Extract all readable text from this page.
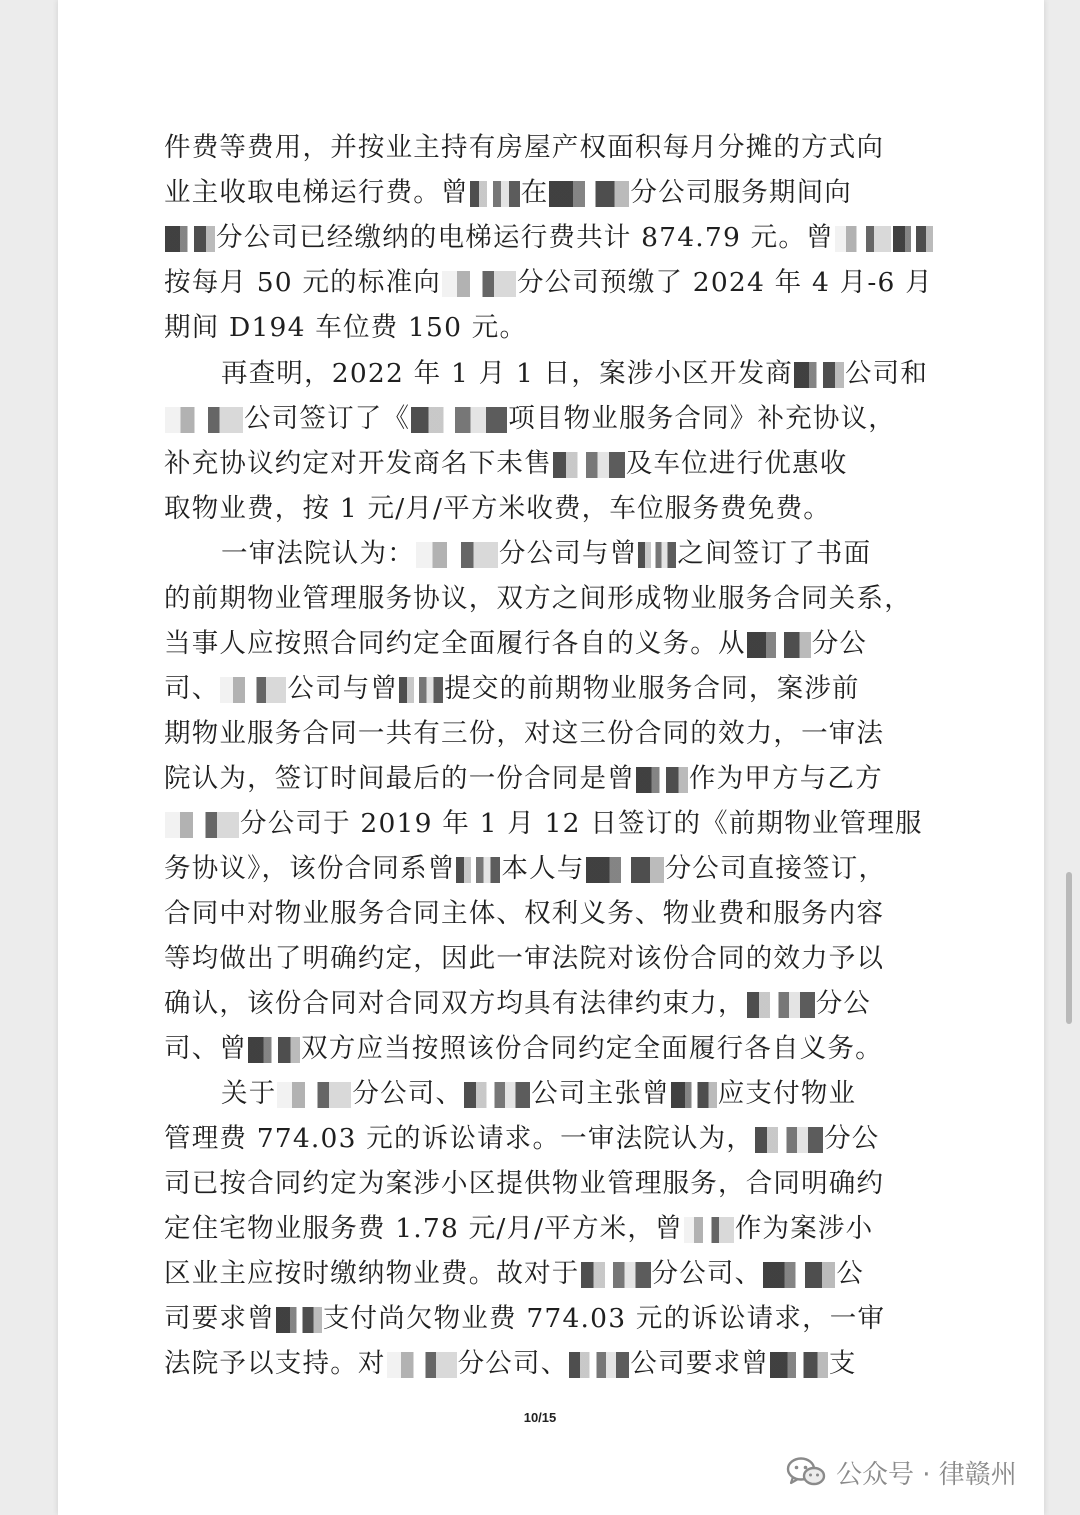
件费等费用，并按业主持有房屋产权面积每月分摊的方式向
业主收取电梯运行费。曾 在	分公司服务期间向
分公司已经缴纳的电梯运行费共计 874.79 元。曾
按每月 50 元的标准向	分公司预缴了 2024 年 4 月-6 月
期间 D194 车位费 150 元。
再查明，2022 年 1 月 1 日，案涉小区开发商 公司和
公司签订了《	项目物业服务合同》补充协议，
补充协议约定对开发商名下未售	及车位进行优惠收
取物业费，按 1 元/月/平方米收费，车位服务费免费。
一审法院认为：	分公司与曾 之间签订了书面
的前期物业管理服务协议，双方之间形成物业服务合同关系，
当事人应按照合同约定全面履行各自的义务。从 分公
司、	公司与曾 提交的前期物业服务合同，案涉前
期物业服务合同一共有三份，对这三份合同的效力，一审法
院认为，签订时间最后的一份合同是曾 作为甲方与乙方
分公司于 2019 年 1 月 12 日签订的《前期物业管理服
务协议》，该份合同系曾 本人与	分公司直接签订，
合同中对物业服务合同主体、权利义务、物业费和服务内容
等均做出了明确约定，因此一审法院对该份合同的效力予以
确认，该份合同对合同双方均具有法律约束力，	分公
司、曾 双方应当按照该份合同约定全面履行各自义务。
关于	分公司、	公司主张曾 应支付物业
管理费 774.03 元的诉讼请求。一审法院认为，	分公
司已按合同约定为案涉小区提供物业管理服务，合同明确约
定住宅物业服务费 1.78 元/月/平方米，曾 作为案涉小
区业主应按时缴纳物业费。故对于	分公司、	公
司要求曾 支付尚欠物业费 774.03 元的诉讼请求，一审
法院予以支持。对	分公司、 公司要求曾 支
10/15
公众号 · 律赣州
